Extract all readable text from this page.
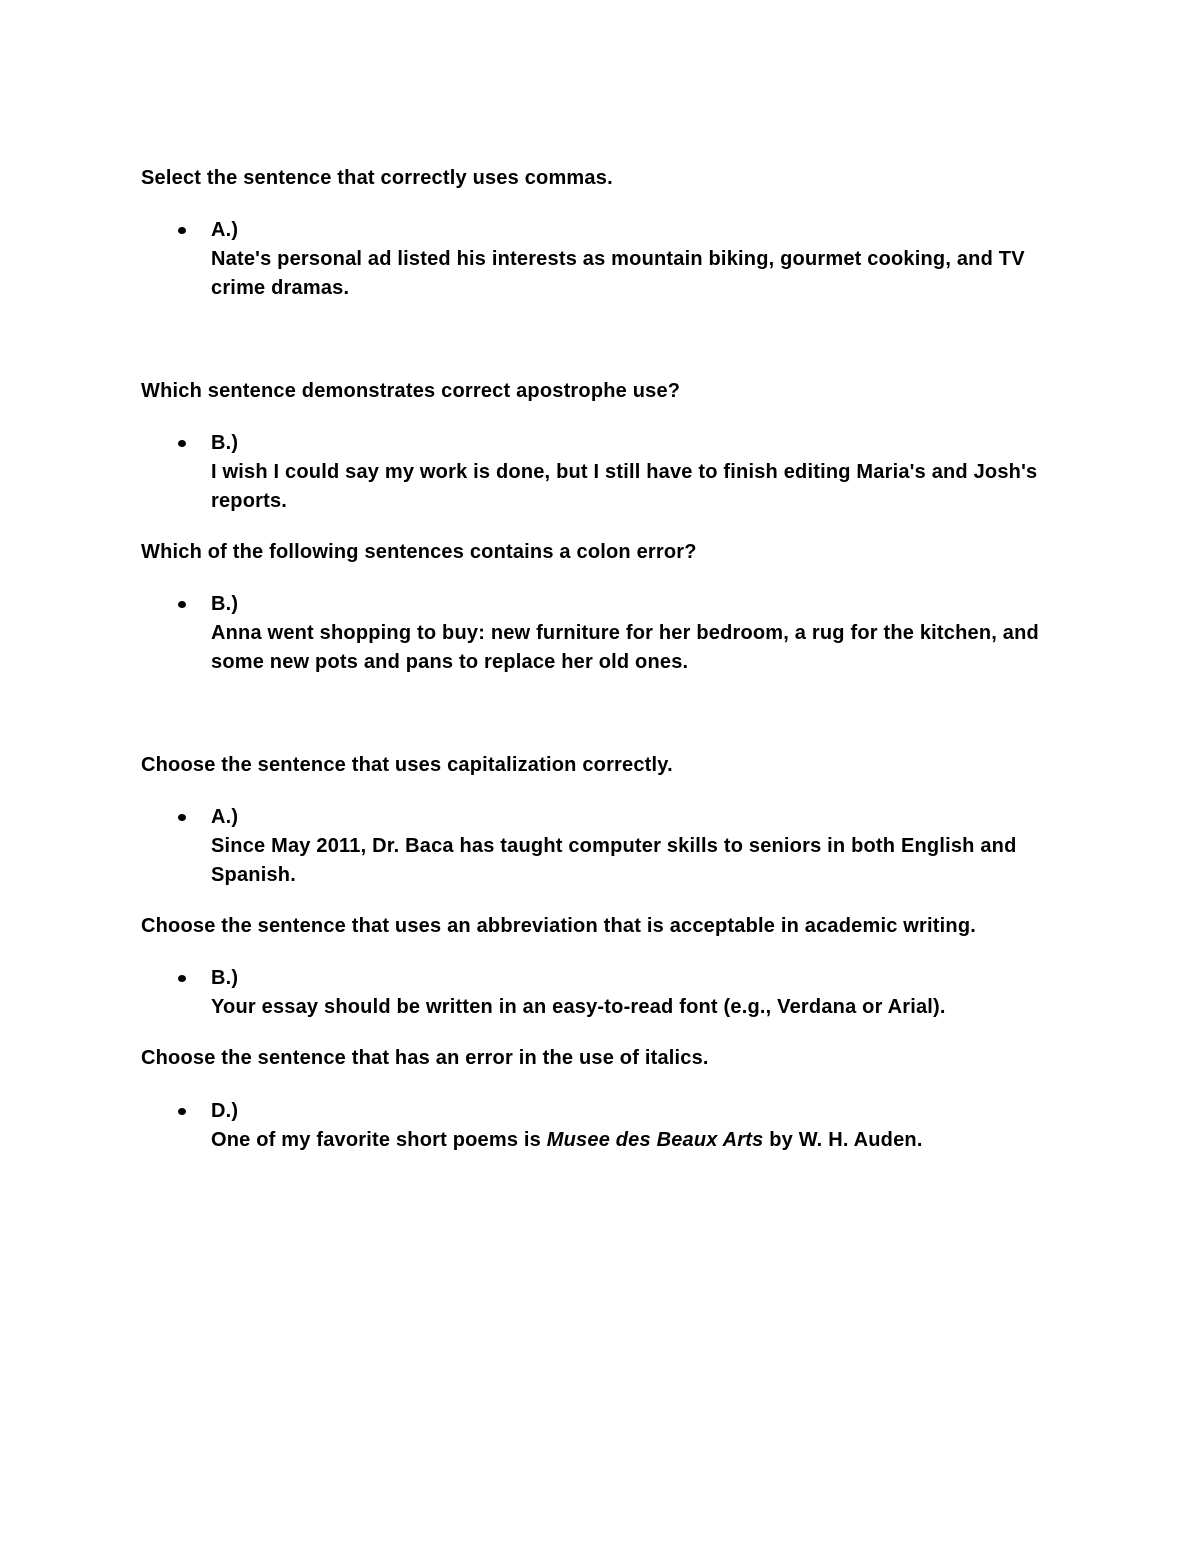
Select the sentence that correctly uses commas.

A.)
Nate's personal ad listed his interests as mountain biking, gourmet cooking, and TV crime dramas.

Which sentence demonstrates correct apostrophe use?

B.)
I wish I could say my work is done, but I still have to finish editing Maria's and Josh's reports.

Which of the following sentences contains a colon error?

B.)
Anna went shopping to buy: new furniture for her bedroom, a rug for the kitchen, and some new pots and pans to replace her old ones.

Choose the sentence that uses capitalization correctly.

A.)
Since May 2011, Dr. Baca has taught computer skills to seniors in both English and Spanish.

Choose the sentence that uses an abbreviation that is acceptable in academic writing.

B.)
Your essay should be written in an easy-to-read font (e.g., Verdana or Arial).

Choose the sentence that has an error in the use of italics.

D.)
One of my favorite short poems is Musee des Beaux Arts by W. H. Auden.
